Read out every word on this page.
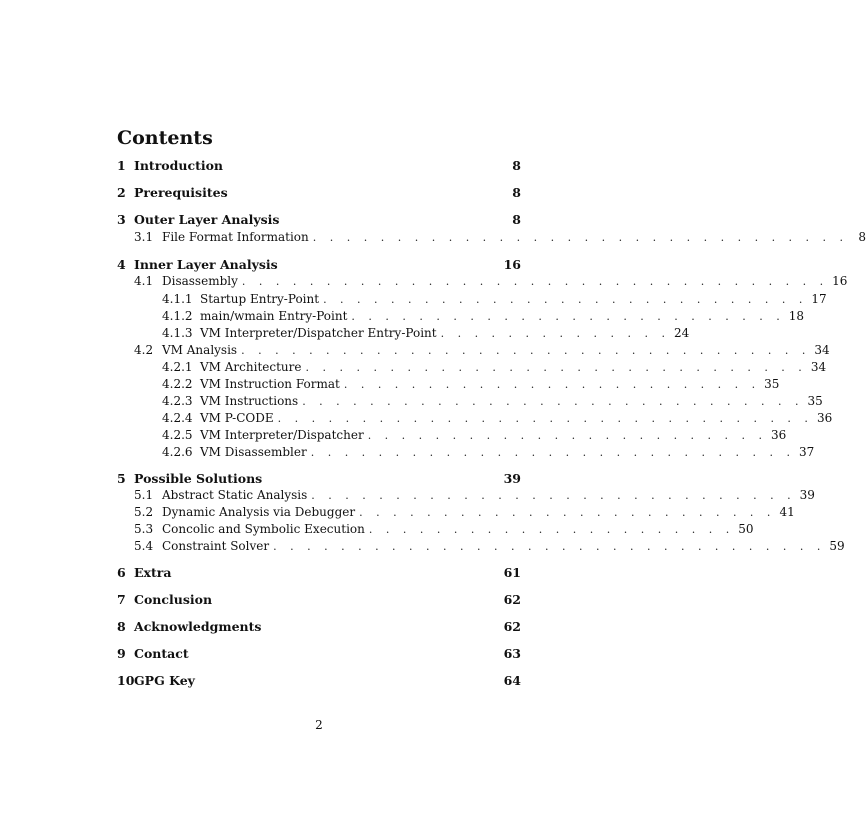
Contents
1 Introduction	8
2 Prerequisites	8
3 Outer Layer Analysis	8
3.1 File Format Information . . . . . . . . . . . . . . . . . . . . . . . . . . . . . . . . 8
4 Inner Layer Analysis	16
4.1 Disassembly . . . . . . . . . . . . . . . . . . . . . . . . . . . . . . . . . . . 16
4.1.1 Startup Entry-Point . . . . . . . . . . . . . . . . . . . . . . . . . . . . . 17
4.1.2 main/wmain Entry-Point . . . . . . . . . . . . . . . . . . . . . . . . . . 18
4.1.3 VM Interpreter/Dispatcher Entry-Point . . . . . . . . . . . . . . 24
4.2 VM Analysis . . . . . . . . . . . . . . . . . . . . . . . . . . . . . . . . . . 34
4.2.1 VM Architecture . . . . . . . . . . . . . . . . . . . . . . . . . . . . . . 34
4.2.2 VM Instruction Format . . . . . . . . . . . . . . . . . . . . . . . . . 35
4.2.3 VM Instructions . . . . . . . . . . . . . . . . . . . . . . . . . . . . . . 35
4.2.4 VM P-CODE . . . . . . . . . . . . . . . . . . . . . . . . . . . . . . . . 36
4.2.5 VM Interpreter/Dispatcher . . . . . . . . . . . . . . . . . . . . . . . . 36
4.2.6 VM Disassembler . . . . . . . . . . . . . . . . . . . . . . . . . . . . . 37
5 Possible Solutions	39
5.1 Abstract Static Analysis . . . . . . . . . . . . . . . . . . . . . . . . . . . . . 39
5.2 Dynamic Analysis via Debugger . . . . . . . . . . . . . . . . . . . . . . . . . 41
5.3 Concolic and Symbolic Execution . . . . . . . . . . . . . . . . . . . . . . 50
5.4 Constraint Solver . . . . . . . . . . . . . . . . . . . . . . . . . . . . . . . . . 59
6 Extra	61
7 Conclusion	62
8 Acknowledgments	62
9 Contact	63
10 GPG Key	64
2
